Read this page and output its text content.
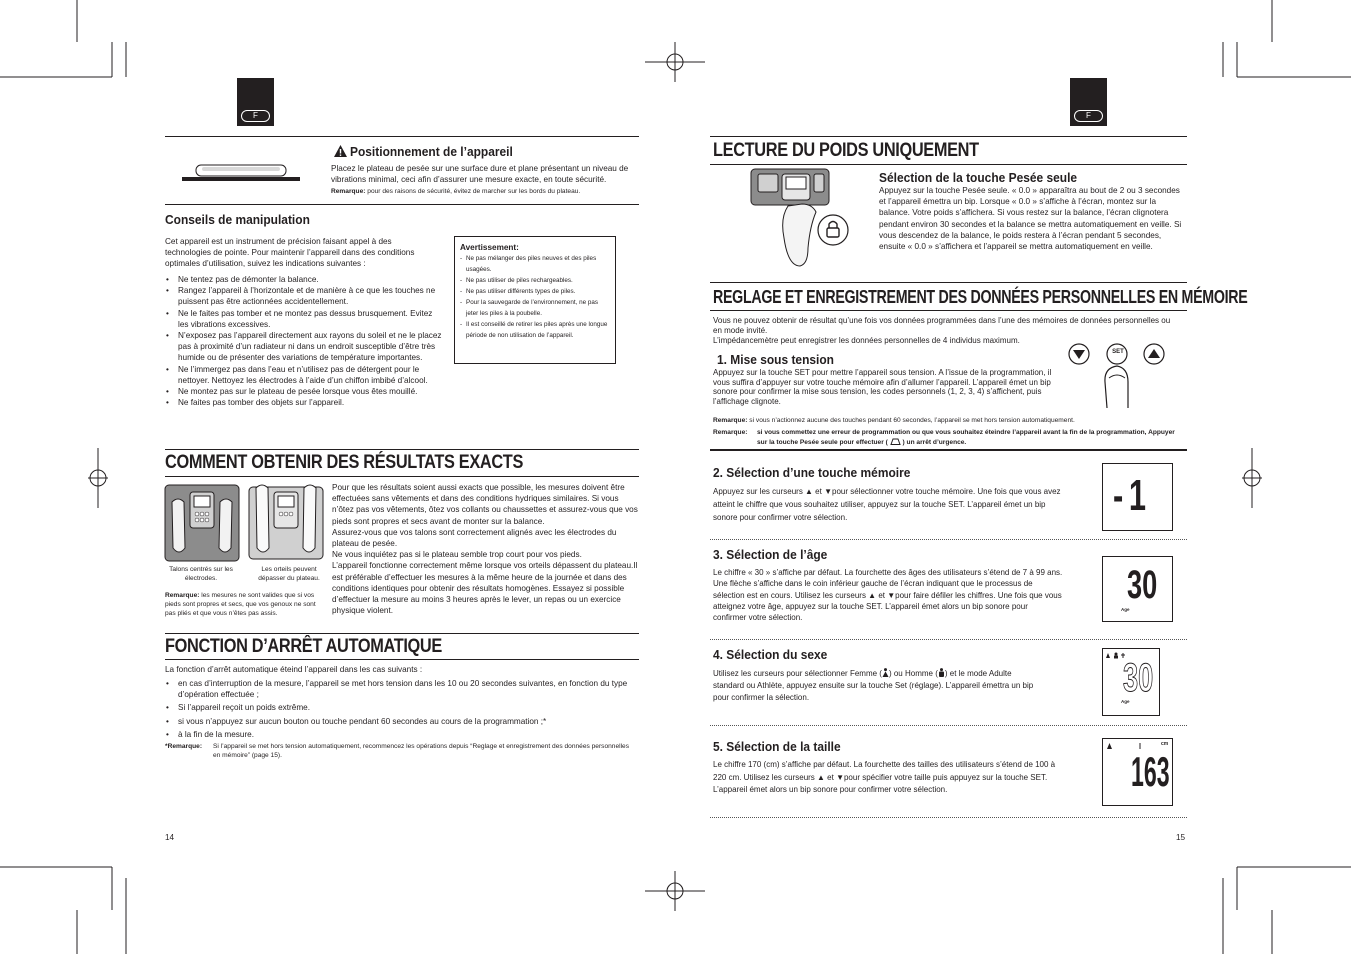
F
Positionnement de l’appareil
Placez le plateau de pesée sur une surface dure et plane présentant un niveau de vibrations minimal, ceci afin d’assurer une mesure exacte, en toute sécurité.
Remarque: pour des raisons de sécurité, évitez de marcher sur les bords du plateau.
Conseils de manipulation
Cet appareil est un instrument de précision faisant appel à des technologies de pointe. Pour maintenir l’appareil dans des conditions optimales d’utilisation, suivez les indications suivantes :
• Ne tentez pas de démonter la balance.
• Rangez l’appareil à l’horizontale et de manière à ce que les touches ne puissent pas être actionnées accidentellement.
• Ne le faites pas tomber et ne montez pas dessus brusquement. Evitez les vibrations excessives.
• N’exposez pas l’appareil directement aux rayons du soleil et ne le placez pas à proximité d’un radiateur ni dans un endroit susceptible d’être très humide ou de présenter des variations de température importantes.
• Ne l’immergez pas dans l’eau et n’utilisez pas de détergent pour le nettoyer. Nettoyez les électrodes à l’aide d’un chiffon imbibé d’alcool.
• Ne montez pas sur le plateau de pesée lorsque vous êtes mouillé.
• Ne faites pas tomber des objets sur l’appareil.
Avertissement:
- Ne pas mélanger des piles neuves et des piles usagées.
- Ne pas utiliser de piles rechargeables.
- Ne pas utiliser différents types de piles.
- Pour la sauvegarde de l’environnement, ne pas jeter les piles à la poubelle.
- Il est conseillé de retirer les piles après une longue période de non utilisation de l’appareil.
COMMENT OBTENIR DES RÉSULTATS EXACTS
Talons centrés sur les électrodes.
Les orteils peuvent dépasser du plateau.
Remarque: les mesures ne sont valides que si vos pieds sont propres et secs, que vos genoux ne sont pas pliés et que vous n’êtes pas assis.
Pour que les résultats soient aussi exacts que possible, les mesures doivent être effectuées sans vêtements et dans des conditions hydriques similaires. Si vous n’ôtez pas vos vêtements, ôtez vos collants ou chaussettes et assurez-vous que vos pieds sont propres et secs avant de monter sur la balance.
Assurez-vous que vos talons sont correctement alignés avec les électrodes du plateau de pesée.
Ne vous inquiétez pas si le plateau semble trop court pour vos pieds.
L’appareil fonctionne correctement même lorsque vos orteils dépassent du plateau.Il est préférable d’effectuer les mesures à la même heure de la journée et dans des conditions identiques pour obtenir des résultats homogènes. Essayez si possible d’effectuer la mesure au moins 3 heures après le lever, un repas ou un exercice physique violent.
FONCTION D’ARRÊT AUTOMATIQUE
La fonction d’arrêt automatique éteind l’appareil dans les cas suivants :
• en cas d’interruption de la mesure, l’appareil se met hors tension dans les 10 ou 20 secondes suivantes, en fonction du type d’opération effectuée ;
• Si l’appareil reçoit un poids extrême.
• si vous n’appuyez sur aucun bouton ou touche pendant 60 secondes au cours de la programmation ;*
• à la fin de la mesure.
*Remarque:	Si l’appareil se met hors tension automatiquement, recommencez les opérations depuis “Reglage et enregistrement des données personnelles en mémoire” (page 15).
14
F
LECTURE DU POIDS UNIQUEMENT
Sélection de la touche Pesée seule
Appuyez sur la touche Pesée seule. « 0.0 » apparaîtra au bout de 2 ou 3 secondes et l’appareil émettra un bip. Lorsque « 0.0 » s’affiche à l’écran, montez sur la balance. Votre poids s’affichera. Si vous restez sur la balance, l’écran clignotera pendant environ 30 secondes et la balance se mettra automatiquement en veille. Si vous descendez de la balance, le poids restera à l’écran pendant 5 secondes, ensuite « 0.0 » s’affichera et l’appareil se mettra automatiquement en veille.
REGLAGE ET ENREGISTREMENT DES DONNÉES PERSONNELLES EN MÉMOIRE
Vous ne pouvez obtenir de résultat qu’une fois vos données programmées dans l’une des mémoires de données personnelles ou en mode invité.
L’impédancemètre peut enregistrer les données personnelles de 4 individus maximum.
SET
1. Mise sous tension
Appuyez sur la touche SET pour mettre l’appareil sous tension. A l’issue de la programmation, il vous suffira d’appuyer sur votre touche mémoire afin d’allumer l’appareil. L’appareil émet un bip sonore pour confirmer la mise sous tension, les codes personnels (1, 2, 3, 4) s’affichent, puis l’affichage clignote.
Remarque: si vous n’actionnez aucune des touches pendant 60 secondes, l’appareil se met hors tension automatiquement.
Remarque:	si vous commettez une erreur de programmation ou que vous souhaitez éteindre l’appareil avant la fin de la programmation, Appuyer sur la touche Pesée seule pour effectuer ( ) un arrêt d’urgence.
2. Sélection d’une touche mémoire
Appuyez sur les curseurs ▲ et ▼pour sélectionner votre touche mémoire. Une fois que vous avez atteint le chiffre que vous souhaitez utiliser, appuyez sur la touche SET. L’appareil émet un bip sonore pour confirmer votre sélection.	-1
3. Sélection de l’âge
Le chiffre « 30 » s’affiche par défaut. La fourchette des âges des utilisateurs s’étend de 7 à 99 ans. Une flèche s’affiche dans le coin inférieur gauche de l’écran indiquant que le processus de sélection est en cours. Utilisez les curseurs ▲ et ▼pour faire défiler les chiffres. Une fois que vous atteignez votre âge, appuyez sur la touche SET. L’appareil émet alors un bip sonore pour confirmer votre sélection.
30
Age
4. Sélection du sexe
Utilisez les curseurs pour sélectionner Femme ( ) ou Homme ( ) et le mode Adulte standard ou Athlète, appuyez ensuite sur la touche Set (réglage). L’appareil émettra un bip pour confirmer la sélection.	30
Age
5. Sélection de la taille
Le chiffre 170 (cm) s’affiche par défaut. La fourchette des tailles des utilisateurs s’étend de 100 à 220 cm. Utilisez les curseurs ▲ et ▼pour spécifier votre taille puis appuyez sur la touche SET. L’appareil émet alors un bip sonore pour confirmer votre sélection.
cm
163
15
